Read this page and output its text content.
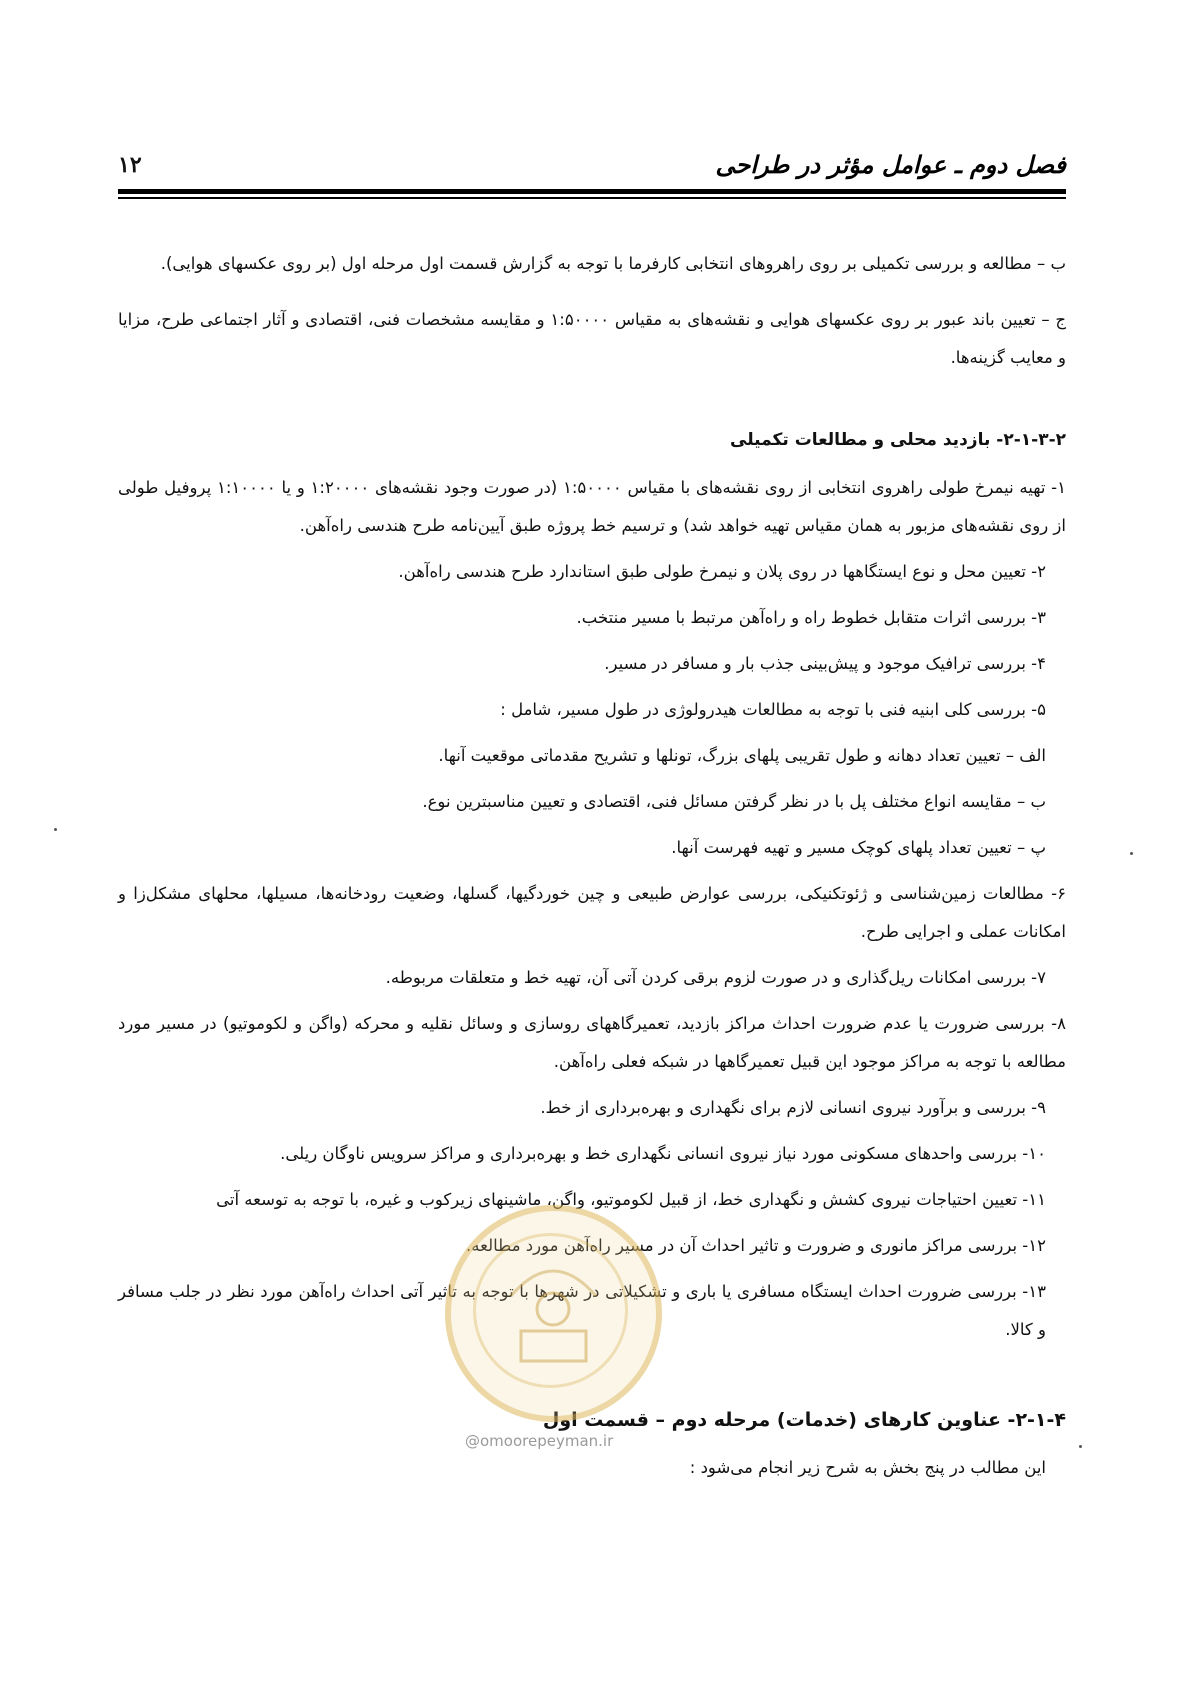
فصل دوم ـ عوامل مؤثر در طراحی
۱۲

ب – مطالعه و بررسی تکمیلی بر روی راهروهای انتخابی کارفرما با توجه به گزارش قسمت اول مرحله اول (بر روی عکسهای هوایی).

ج – تعیین باند عبور بر روی عکسهای هوایی و نقشه‌های به مقیاس ۱:۵۰۰۰۰ و مقایسه مشخصات فنی، اقتصادی و آثار اجتماعی طرح، مزایا و معایب گزینه‌ها.

۲-۱-۳-۲- بازدید محلی و مطالعات تکمیلی

۱- تهیه نیمرخ طولی راهروی انتخابی از روی نقشه‌های با مقیاس ۱:۵۰۰۰۰ (در صورت وجود نقشه‌های ۱:۲۰۰۰۰ و یا ۱:۱۰۰۰۰ پروفیل طولی از روی نقشه‌های مزبور به همان مقیاس تهیه خواهد شد) و ترسیم خط پروژه طبق آیین‌نامه طرح هندسی راه‌آهن.

۲- تعیین محل و نوع ایستگاهها در روی پلان و نیمرخ طولی طبق استاندارد طرح هندسی راه‌آهن.

۳- بررسی اثرات متقابل خطوط راه و راه‌آهن مرتبط با مسیر منتخب.

۴- بررسی ترافیک موجود و پیش‌بینی جذب بار و مسافر در مسیر.

۵- بررسی کلی ابنیه فنی با توجه به مطالعات هیدرولوژی در طول مسیر، شامل :

الف – تعیین تعداد دهانه و طول تقریبی پلهای بزرگ، تونلها و تشریح مقدماتی موقعیت آنها.

ب – مقایسه انواع مختلف پل با در نظر گرفتن مسائل فنی، اقتصادی و تعیین مناسبترین نوع.

پ – تعیین تعداد پلهای کوچک مسیر و تهیه فهرست آنها.

۶- مطالعات زمین‌شناسی و ژئوتکنیکی، بررسی عوارض طبیعی و چین خوردگیها، گسلها، وضعیت رودخانه‌ها، مسیلها، محلهای مشکل‌زا و امکانات عملی و اجرایی طرح.

۷- بررسی امکانات ریل‌گذاری و در صورت لزوم برقی کردن آتی آن، تهیه خط و متعلقات مربوطه.

۸- بررسی ضرورت یا عدم ضرورت احداث مراکز بازدید، تعمیرگاههای روسازی و وسائل نقلیه و محرکه (واگن و لکوموتیو) در مسیر مورد مطالعه با توجه به مراکز موجود این قبیل تعمیرگاهها در شبکه فعلی راه‌آهن.

۹- بررسی و برآورد نیروی انسانی لازم برای نگهداری و بهره‌برداری از خط.

۱۰- بررسی واحدهای مسکونی مورد نیاز نیروی انسانی نگهداری خط و بهره‌برداری و مراکز سرویس ناوگان ریلی.

۱۱- تعیین احتیاجات نیروی کشش و نگهداری خط، از قبیل لکوموتیو، واگن، ماشینهای زیرکوب و غیره، با توجه به توسعه آتی

۱۲- بررسی مراکز مانوری و ضرورت و تاثیر احداث آن در مسیر راه‌آهن مورد مطالعه.

۱۳- بررسی ضرورت احداث ایستگاه مسافری یا باری و تشکیلاتی در شهرها با توجه به تاثیر آتی احداث راه‌آهن مورد نظر در جلب مسافر و کالا.

۲-۱-۴- عناوین کارهای (خدمات) مرحله دوم – قسمت اول

این مطالب در پنج بخش به شرح زیر انجام می‌شود :

@omoorepeyman.ir
